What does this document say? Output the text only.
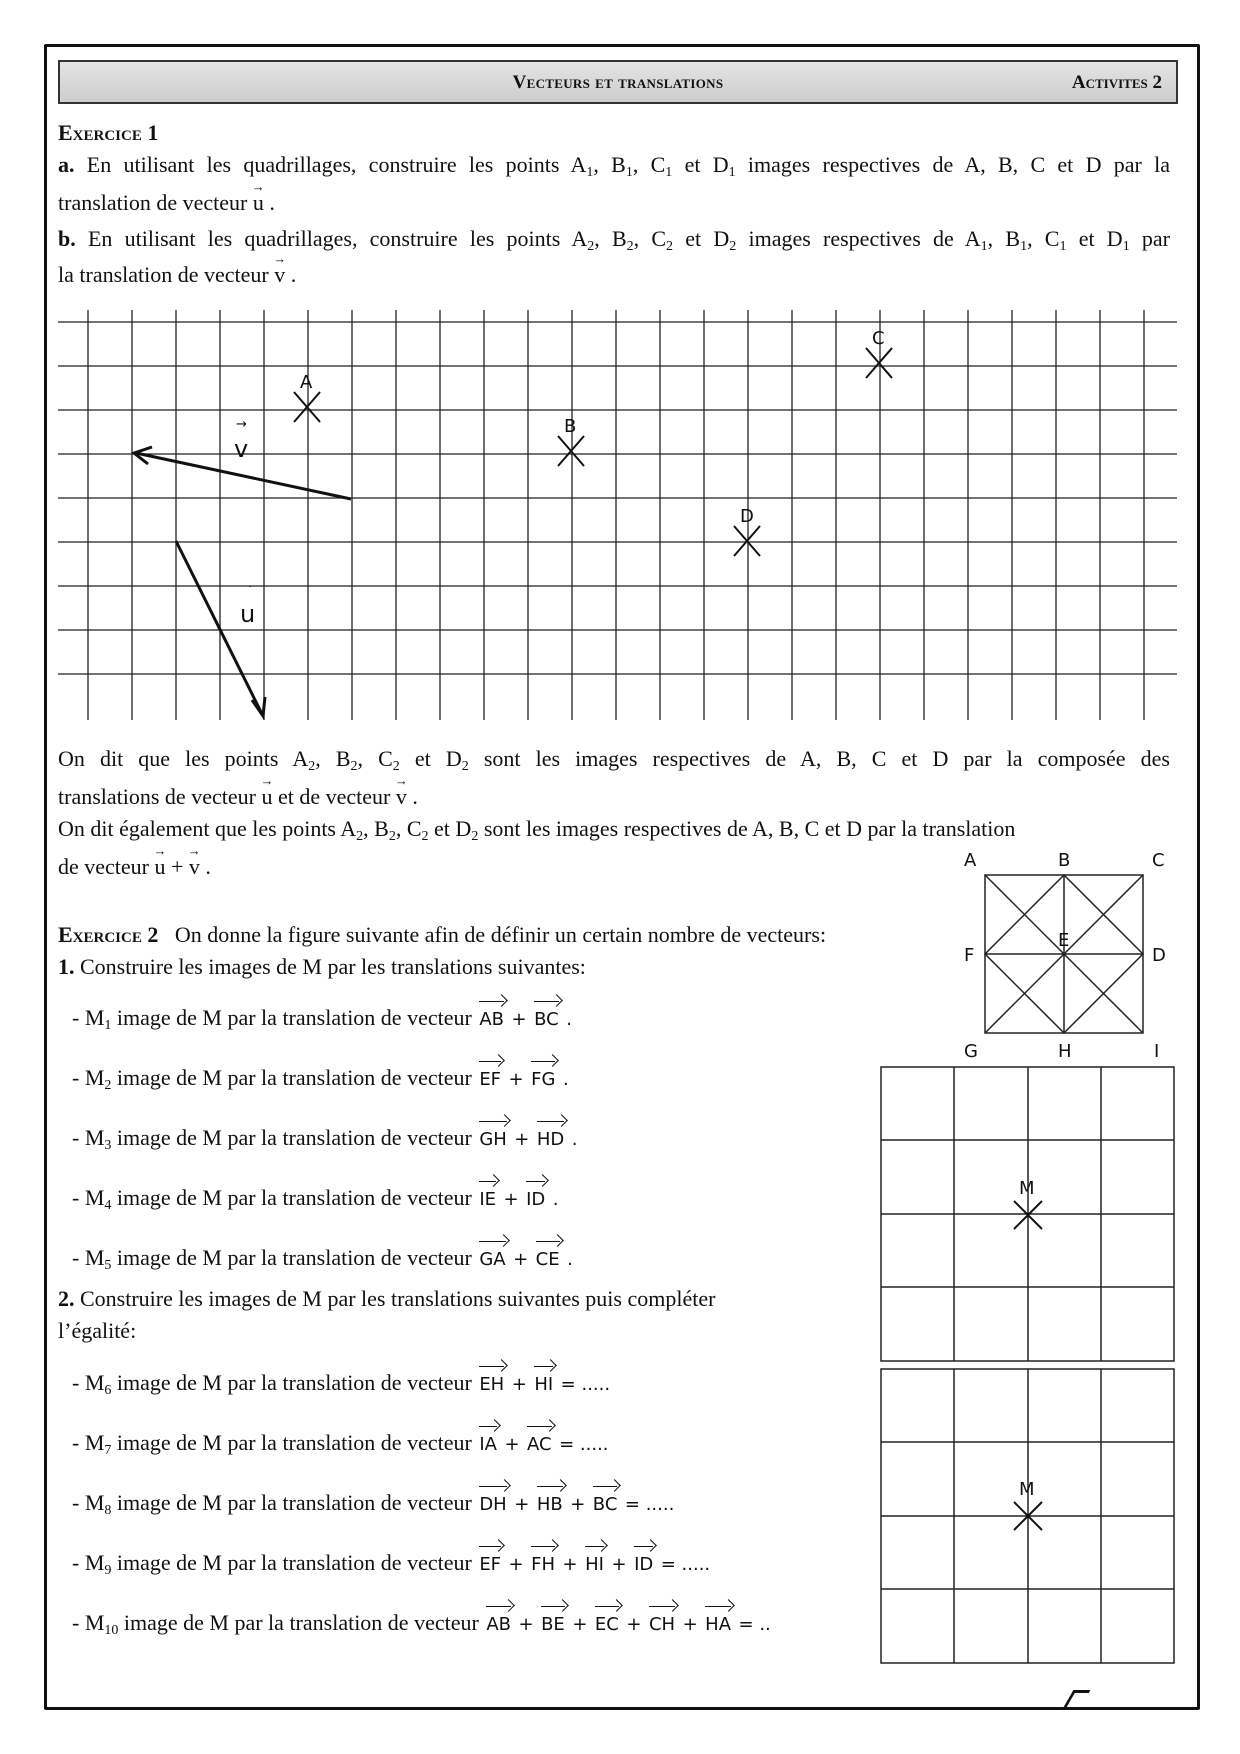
Vecteurs et translations	Activites 2
Exercice 1
a. En utilisant les quadrillages, construire les points $A_1$, $B_1$, $C_1$ et $D_1$ images respectives de A, B, C et D par la
translation de vecteur → u .
b. En utilisant les quadrillages, construire les points $A_2$, $B_2$, $C_2$ et $D_2$ images respectives de $A_1$, $B_1$, $C_1$ et $D_1$ par
la translation de vecteur → v .
A
B
C
D
v
→
u
˙
On dit que les points $A_2$, $B_2$, $C_2$ et $D_2$ sont les images respectives de A, B, C et D par la composée des
translations de vecteur → u et de vecteur → v .
On dit également que les points $A_2$, $B_2$, $C_2$ et $D_2$ sont les images respectives de A, B, C et D par la translation
de vecteur → u + → v .	A	B	C
D
E
F
G	H	I
M
M
Exercice 2 On donne la figure suivante afin de définir un certain nombre de vecteurs:
1. Construire les images de M par les translations suivantes:
- $M_1$ image de M par la translation de vecteur AB + BC .
- $M_2$ image de M par la translation de vecteur EF + FG .
- $M_3$ image de M par la translation de vecteur GH + HD .
- $M_4$ image de M par la translation de vecteur IE + ID .
- $M_5$ image de M par la translation de vecteur GA + CE .
2. Construire les images de M par les translations suivantes puis compléter
l’égalité:
- $M_6$ image de M par la translation de vecteur EH + HI = .....
- $M_7$ image de M par la translation de vecteur IA + AC = .....
- $M_8$ image de M par la translation de vecteur DH + HB + BC = .....
- $M_9$ image de M par la translation de vecteur EF + FH + HI + ID = .....
- $M_{10}$ image de M par la translation de vecteur AB + BE + EC + CH + HA = ..
